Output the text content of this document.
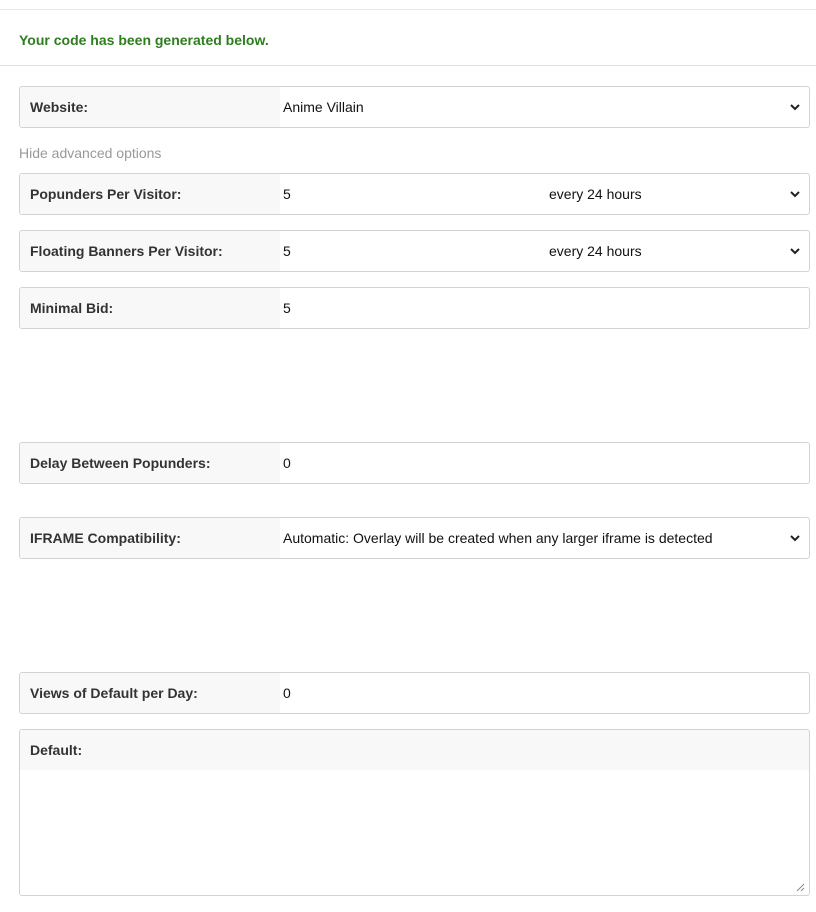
Your code has been generated below.
Website:	Anime Villain
Hide advanced options
Popunders Per Visitor:	5	every 24 hours
Floating Banners Per Visitor:	5	every 24 hours
Minimal Bid:	5
Delay Between Popunders:	0
IFRAME Compatibility:	Automatic: Overlay will be created when any larger iframe is detected
Views of Default per Day:	0
Default:
